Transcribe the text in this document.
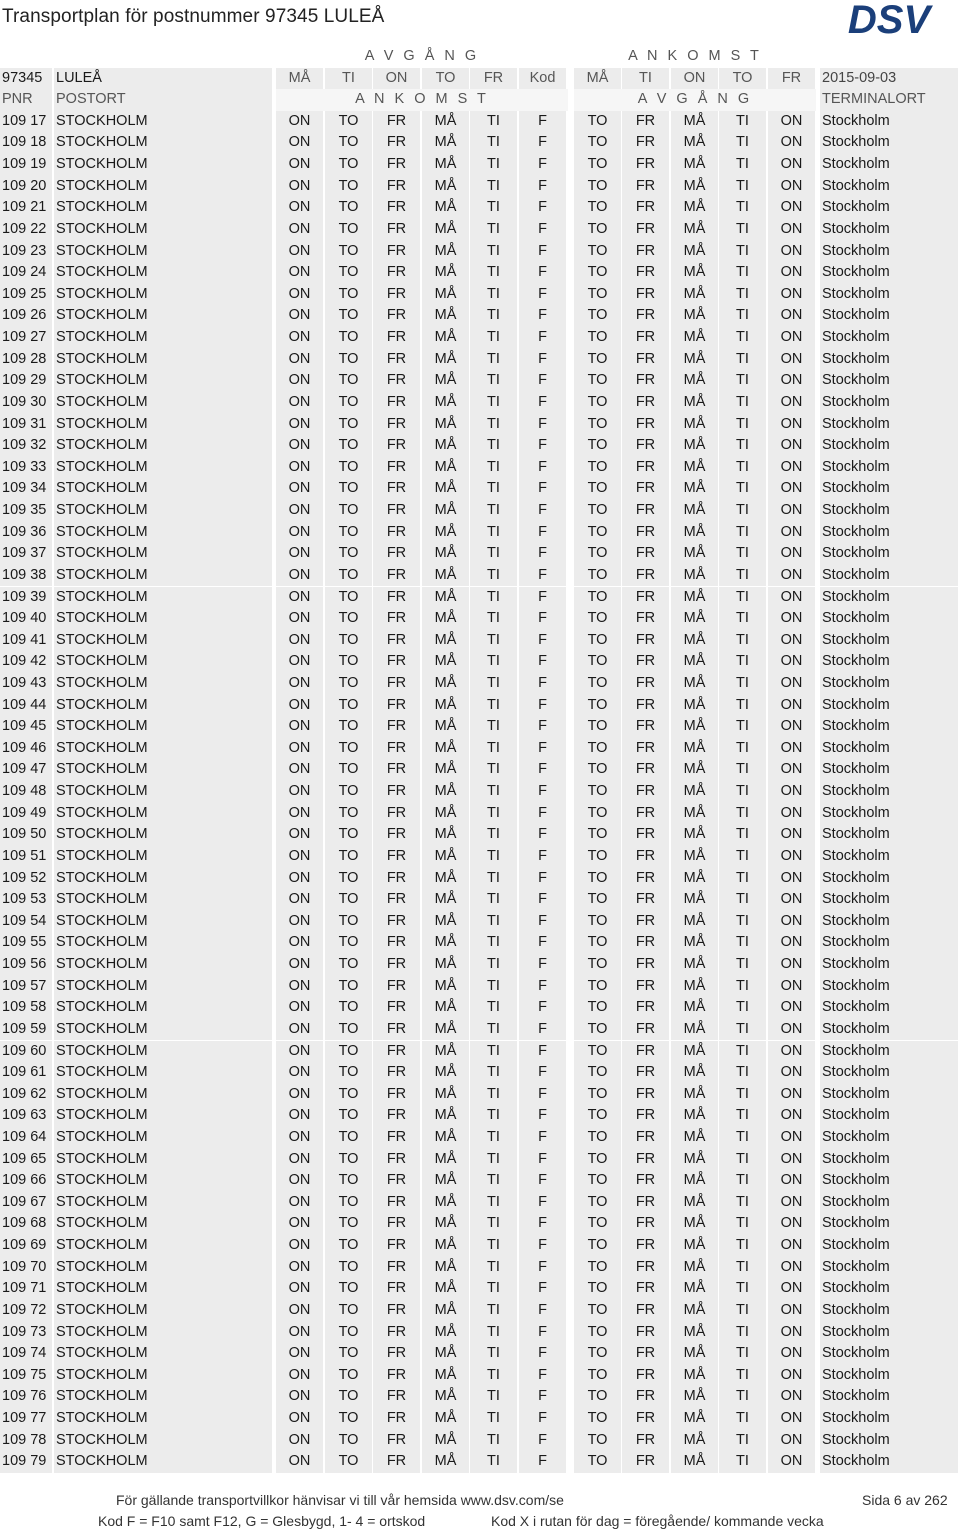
Transportplan för postnummer 97345 LULEÅ	DSV
A V G Å N G	A N K O M S T
97345 LULEÅ	MÅ	TI	ON	TO	FR	Kod	MÅ	TI	ON	TO	FR	2015-09-03
PNR	POSTORT	A N K O M S T	A V G Å N G	TERMINALORT
109 17 STOCKHOLM	ON	TO	FR	MÅ	TI	F	TO	FR	MÅ	TI	ON	Stockholm
109 18 STOCKHOLM	ON	TO	FR	MÅ	TI	F	TO	FR	MÅ	TI	ON	Stockholm
109 19 STOCKHOLM	ON	TO	FR	MÅ	TI	F	TO	FR	MÅ	TI	ON	Stockholm
109 20 STOCKHOLM	ON	TO	FR	MÅ	TI	F	TO	FR	MÅ	TI	ON	Stockholm
109 21 STOCKHOLM	ON	TO	FR	MÅ	TI	F	TO	FR	MÅ	TI	ON	Stockholm
109 22 STOCKHOLM	ON	TO	FR	MÅ	TI	F	TO	FR	MÅ	TI	ON	Stockholm
109 23 STOCKHOLM	ON	TO	FR	MÅ	TI	F	TO	FR	MÅ	TI	ON	Stockholm
109 24 STOCKHOLM	ON	TO	FR	MÅ	TI	F	TO	FR	MÅ	TI	ON	Stockholm
109 25 STOCKHOLM	ON	TO	FR	MÅ	TI	F	TO	FR	MÅ	TI	ON	Stockholm
109 26 STOCKHOLM	ON	TO	FR	MÅ	TI	F	TO	FR	MÅ	TI	ON	Stockholm
109 27 STOCKHOLM	ON	TO	FR	MÅ	TI	F	TO	FR	MÅ	TI	ON	Stockholm
109 28 STOCKHOLM	ON	TO	FR	MÅ	TI	F	TO	FR	MÅ	TI	ON	Stockholm
109 29 STOCKHOLM	ON	TO	FR	MÅ	TI	F	TO	FR	MÅ	TI	ON	Stockholm
109 30 STOCKHOLM	ON	TO	FR	MÅ	TI	F	TO	FR	MÅ	TI	ON	Stockholm
109 31 STOCKHOLM	ON	TO	FR	MÅ	TI	F	TO	FR	MÅ	TI	ON	Stockholm
109 32 STOCKHOLM	ON	TO	FR	MÅ	TI	F	TO	FR	MÅ	TI	ON	Stockholm
109 33 STOCKHOLM	ON	TO	FR	MÅ	TI	F	TO	FR	MÅ	TI	ON	Stockholm
109 34 STOCKHOLM	ON	TO	FR	MÅ	TI	F	TO	FR	MÅ	TI	ON	Stockholm
109 35 STOCKHOLM	ON	TO	FR	MÅ	TI	F	TO	FR	MÅ	TI	ON	Stockholm
109 36 STOCKHOLM	ON	TO	FR	MÅ	TI	F	TO	FR	MÅ	TI	ON	Stockholm
109 37 STOCKHOLM	ON	TO	FR	MÅ	TI	F	TO	FR	MÅ	TI	ON	Stockholm
109 38 STOCKHOLM	ON	TO	FR	MÅ	TI	F	TO	FR	MÅ	TI	ON	Stockholm
109 39 STOCKHOLM	ON	TO	FR	MÅ	TI	F	TO	FR	MÅ	TI	ON	Stockholm
109 40 STOCKHOLM	ON	TO	FR	MÅ	TI	F	TO	FR	MÅ	TI	ON	Stockholm
109 41 STOCKHOLM	ON	TO	FR	MÅ	TI	F	TO	FR	MÅ	TI	ON	Stockholm
109 42 STOCKHOLM	ON	TO	FR	MÅ	TI	F	TO	FR	MÅ	TI	ON	Stockholm
109 43 STOCKHOLM	ON	TO	FR	MÅ	TI	F	TO	FR	MÅ	TI	ON	Stockholm
109 44 STOCKHOLM	ON	TO	FR	MÅ	TI	F	TO	FR	MÅ	TI	ON	Stockholm
109 45 STOCKHOLM	ON	TO	FR	MÅ	TI	F	TO	FR	MÅ	TI	ON	Stockholm
109 46 STOCKHOLM	ON	TO	FR	MÅ	TI	F	TO	FR	MÅ	TI	ON	Stockholm
109 47 STOCKHOLM	ON	TO	FR	MÅ	TI	F	TO	FR	MÅ	TI	ON	Stockholm
109 48 STOCKHOLM	ON	TO	FR	MÅ	TI	F	TO	FR	MÅ	TI	ON	Stockholm
109 49 STOCKHOLM	ON	TO	FR	MÅ	TI	F	TO	FR	MÅ	TI	ON	Stockholm
109 50 STOCKHOLM	ON	TO	FR	MÅ	TI	F	TO	FR	MÅ	TI	ON	Stockholm
109 51 STOCKHOLM	ON	TO	FR	MÅ	TI	F	TO	FR	MÅ	TI	ON	Stockholm
109 52 STOCKHOLM	ON	TO	FR	MÅ	TI	F	TO	FR	MÅ	TI	ON	Stockholm
109 53 STOCKHOLM	ON	TO	FR	MÅ	TI	F	TO	FR	MÅ	TI	ON	Stockholm
109 54 STOCKHOLM	ON	TO	FR	MÅ	TI	F	TO	FR	MÅ	TI	ON	Stockholm
109 55 STOCKHOLM	ON	TO	FR	MÅ	TI	F	TO	FR	MÅ	TI	ON	Stockholm
109 56 STOCKHOLM	ON	TO	FR	MÅ	TI	F	TO	FR	MÅ	TI	ON	Stockholm
109 57 STOCKHOLM	ON	TO	FR	MÅ	TI	F	TO	FR	MÅ	TI	ON	Stockholm
109 58 STOCKHOLM	ON	TO	FR	MÅ	TI	F	TO	FR	MÅ	TI	ON	Stockholm
109 59 STOCKHOLM	ON	TO	FR	MÅ	TI	F	TO	FR	MÅ	TI	ON	Stockholm
109 60 STOCKHOLM	ON	TO	FR	MÅ	TI	F	TO	FR	MÅ	TI	ON	Stockholm
109 61 STOCKHOLM	ON	TO	FR	MÅ	TI	F	TO	FR	MÅ	TI	ON	Stockholm
109 62 STOCKHOLM	ON	TO	FR	MÅ	TI	F	TO	FR	MÅ	TI	ON	Stockholm
109 63 STOCKHOLM	ON	TO	FR	MÅ	TI	F	TO	FR	MÅ	TI	ON	Stockholm
109 64 STOCKHOLM	ON	TO	FR	MÅ	TI	F	TO	FR	MÅ	TI	ON	Stockholm
109 65 STOCKHOLM	ON	TO	FR	MÅ	TI	F	TO	FR	MÅ	TI	ON	Stockholm
109 66 STOCKHOLM	ON	TO	FR	MÅ	TI	F	TO	FR	MÅ	TI	ON	Stockholm
109 67 STOCKHOLM	ON	TO	FR	MÅ	TI	F	TO	FR	MÅ	TI	ON	Stockholm
109 68 STOCKHOLM	ON	TO	FR	MÅ	TI	F	TO	FR	MÅ	TI	ON	Stockholm
109 69 STOCKHOLM	ON	TO	FR	MÅ	TI	F	TO	FR	MÅ	TI	ON	Stockholm
109 70 STOCKHOLM	ON	TO	FR	MÅ	TI	F	TO	FR	MÅ	TI	ON	Stockholm
109 71 STOCKHOLM	ON	TO	FR	MÅ	TI	F	TO	FR	MÅ	TI	ON	Stockholm
109 72 STOCKHOLM	ON	TO	FR	MÅ	TI	F	TO	FR	MÅ	TI	ON	Stockholm
109 73 STOCKHOLM	ON	TO	FR	MÅ	TI	F	TO	FR	MÅ	TI	ON	Stockholm
109 74 STOCKHOLM	ON	TO	FR	MÅ	TI	F	TO	FR	MÅ	TI	ON	Stockholm
109 75 STOCKHOLM	ON	TO	FR	MÅ	TI	F	TO	FR	MÅ	TI	ON	Stockholm
109 76 STOCKHOLM	ON	TO	FR	MÅ	TI	F	TO	FR	MÅ	TI	ON	Stockholm
109 77 STOCKHOLM	ON	TO	FR	MÅ	TI	F	TO	FR	MÅ	TI	ON	Stockholm
109 78 STOCKHOLM	ON	TO	FR	MÅ	TI	F	TO	FR	MÅ	TI	ON	Stockholm
109 79 STOCKHOLM	ON	TO	FR	MÅ	TI	F	TO	FR	MÅ	TI	ON	Stockholm
För gällande transportvillkor hänvisar vi till vår hemsida www.dsv.com/se	Sida 6 av 262
Kod F = F10 samt F12, G = Glesbygd, 1- 4 = ortskod	Kod X i rutan för dag = föregående/ kommande vecka
